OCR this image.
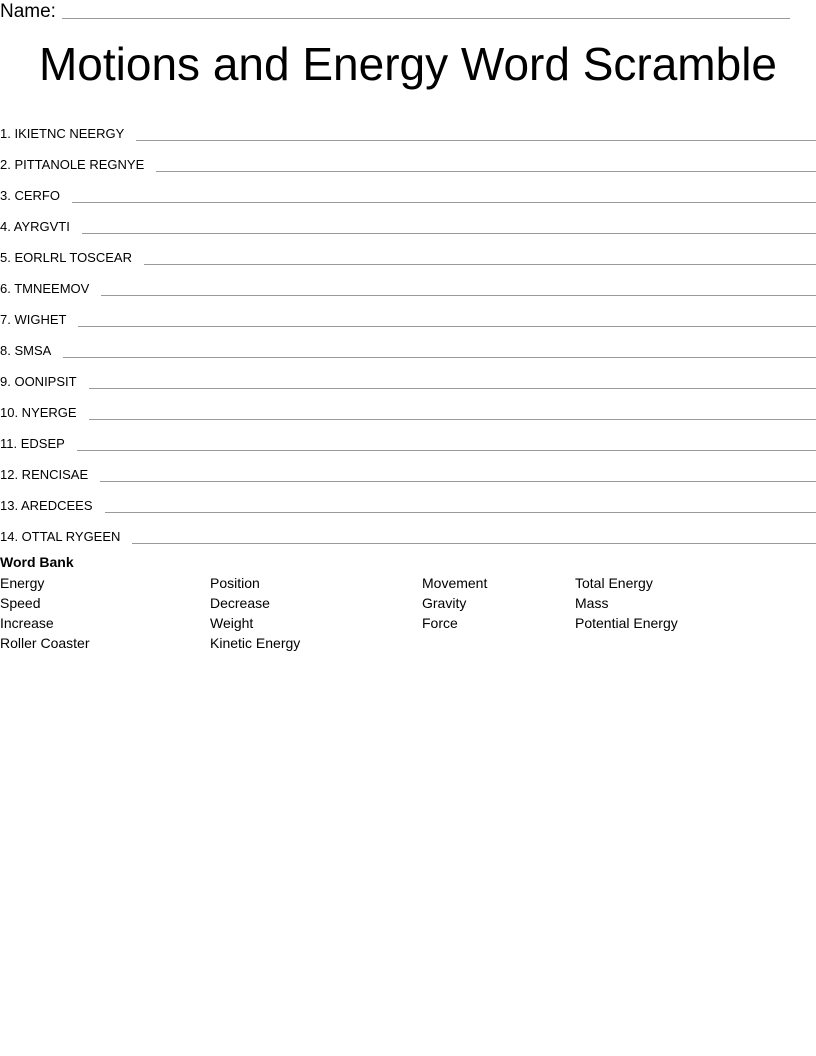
Name:
Motions and Energy Word Scramble
1. IKIETNC NEERGY
2. PITTANOLE REGNYE
3. CERFO
4. AYRGVTI
5. EORLRL TOSCEAR
6. TMNEEMOV
7. WIGHET
8. SMSA
9. OONIPSIT
10. NYERGE
11. EDSEP
12. RENCISAE
13. AREDCEES
14. OTTAL RYGEEN
Word Bank
Energy
Speed
Increase
Roller Coaster
Position
Decrease
Weight
Kinetic Energy
Movement
Gravity
Force
Total Energy
Mass
Potential Energy
